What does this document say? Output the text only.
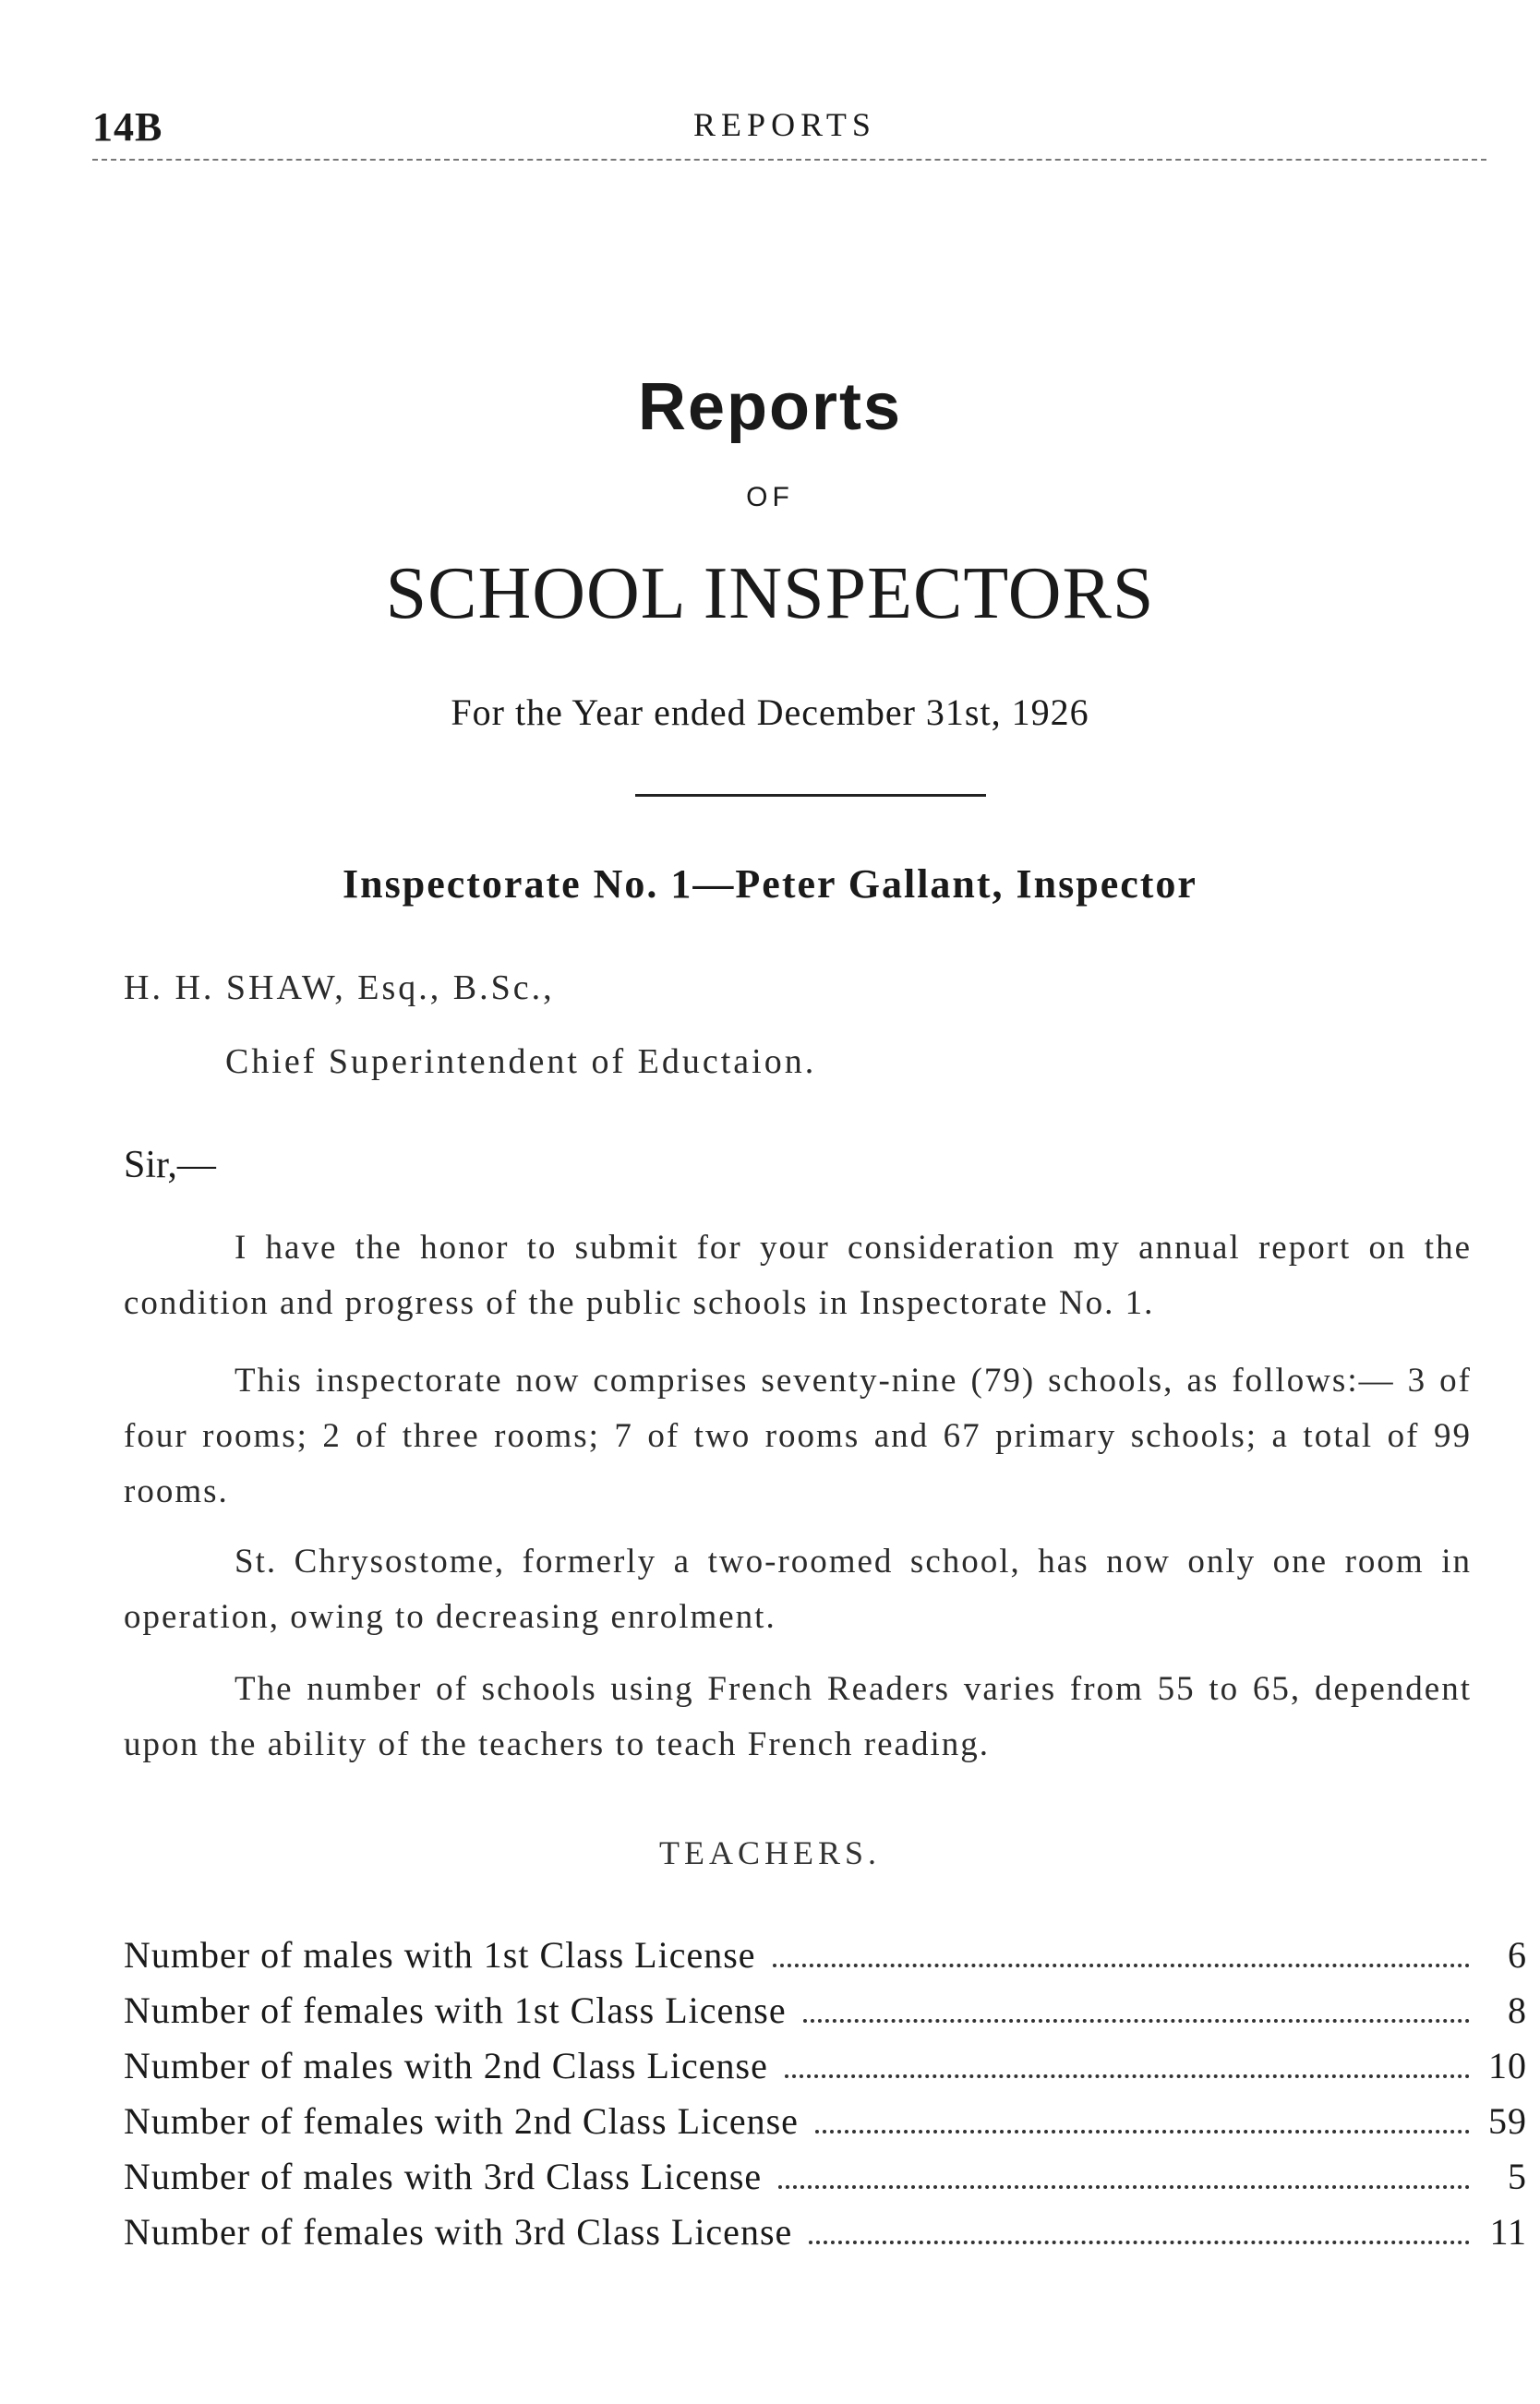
14B	REPORTS
Reports
OF
SCHOOL INSPECTORS
For the Year ended December 31st, 1926
Inspectorate No. 1—Peter Gallant, Inspector
H. H. SHAW, Esq., B.Sc.,
Chief Superintendent of Eductaion.
Sir,—

I have the honor to submit for your consideration my annual report on the condition and progress of the public schools in Inspectorate No. 1.

This inspectorate now comprises seventy-nine (79) schools, as follows:— 3 of four rooms; 2 of three rooms; 7 of two rooms and 67 primary schools; a total of 99 rooms.

St. Chrysostome, formerly a two-roomed school, has now only one room in operation, owing to decreasing enrolment.

The number of schools using French Readers varies from 55 to 65, dependent upon the ability of the teachers to teach French reading.

TEACHERS.
Number of males with 1st Class License	6
Number of females with 1st Class License	8
Number of males with 2nd Class License	10
Number of females with 2nd Class License	59
Number of males with 3rd Class License	5
Number of females with 3rd Class License	11
